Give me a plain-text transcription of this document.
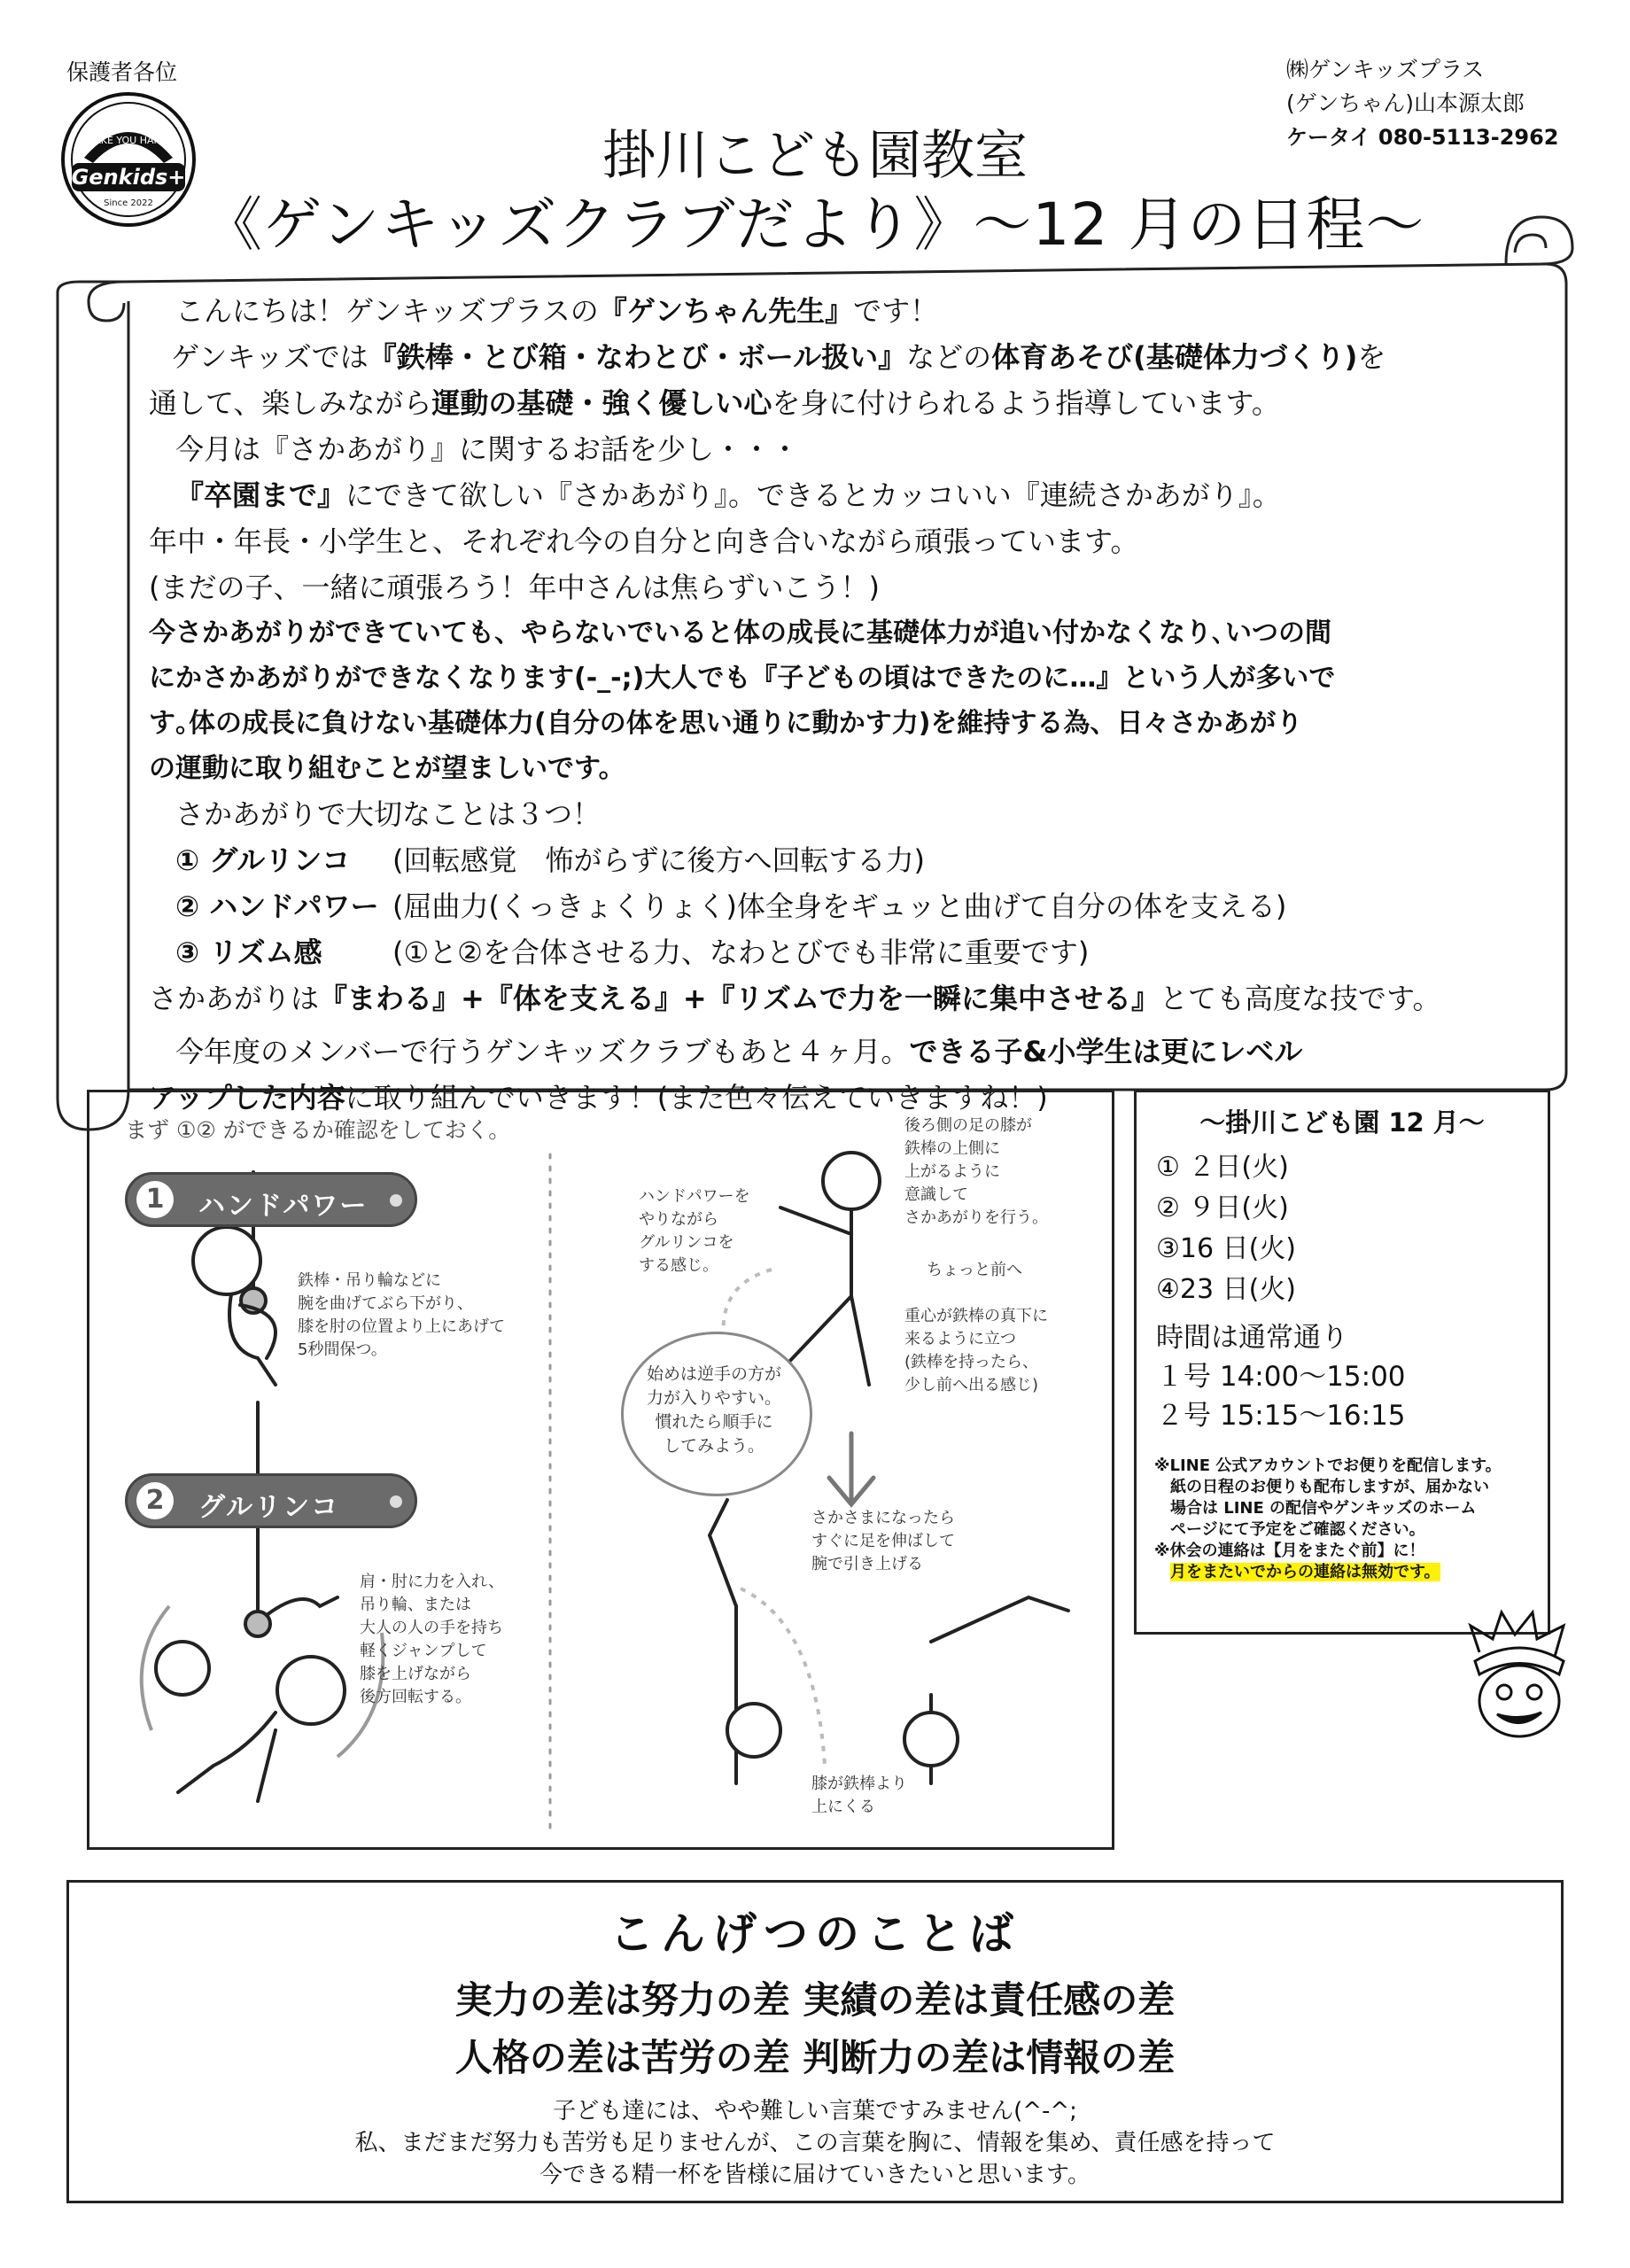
保護者各位
MAKE YOU HAPPY
Genkids+
Since 2022
㈱ゲンキッズプラス
(ゲンちゃん)山本源太郎
ケータイ 080-5113-2962
掛川こども園教室
《ゲンキッズクラブだより》～12 月の日程～

こんにちは！ゲンキッズプラスの『ゲンちゃん先生』です！

ゲンキッズでは『鉄棒・とび箱・なわとび・ボール扱い』などの体育あそび(基礎体力づくり)を

通して、楽しみながら運動の基礎・強く優しい心を身に付けられるよう指導しています。

今月は『さかあがり』に関するお話を少し・・・

『卒園まで』にできて欲しい『さかあがり』。できるとカッコいい『連続さかあがり』。

年中・年長・小学生と、それぞれ今の自分と向き合いながら頑張っています。

(まだの子、一緒に頑張ろう！年中さんは焦らずいこう！)

今さかあがりができていても、やらないでいると体の成長に基礎体力が追い付かなくなり､いつの間

にかさかあがりができなくなります(-_-;)大人でも『子どもの頃はできたのに…』という人が多いで

す｡体の成長に負けない基礎体力(自分の体を思い通りに動かす力)を維持する為、日々さかあがり

の運動に取り組むことが望ましいです。

さかあがりで大切なことは３つ！

① グルリンコ (回転感覚　怖がらずに後方へ回転する力)

② ハンドパワー (屈曲力(くっきょくりょく)体全身をギュッと曲げて自分の体を支える)

③ リズム感 (①と②を合体させる力、なわとびでも非常に重要です)

さかあがりは『まわる』+『体を支える』+『リズムで力を一瞬に集中させる』とても高度な技です。

今年度のメンバーで行うゲンキッズクラブもあと４ヶ月。できる子&小学生は更にレベル

アップした内容に取り組んでいきます！(また色々伝えていきますね！)

まず ①② ができるか確認をしておく。
1	ハンドパワー
鉄棒・吊り輪などに
腕を曲げてぶら下がり、
膝を肘の位置より上にあげて
5秒間保つ。
2	グルリンコ
肩・肘に力を入れ、
吊り輪、または
大人の人の手を持ち
軽くジャンプして
膝を上げながら
後方回転する。
ハンドパワーを
やりながら
グルリンコを
する感じ。
始めは逆手の方が
力が入りやすい。
慣れたら順手に
してみよう。
後ろ側の足の膝が
鉄棒の上側に
上がるように
意識して
さかあがりを行う。
ちょっと前へ
重心が鉄棒の真下に
来るように立つ
(鉄棒を持ったら、
少し前へ出る感じ)
さかさまになったら
すぐに足を伸ばして
腕で引き上げる
膝が鉄棒より
上にくる
～掛川こども園 12 月～
① ２日(火)
② ９日(火)
③16 日(火)
④23 日(火)
時間は通常通り
１号 14:00～15:00
２号 15:15～16:15
※LINE 公式アカウントでお便りを配信します。
紙の日程のお便りも配布しますが、届かない
場合は LINE の配信やゲンキッズのホーム
ページにて予定をご確認ください。
※休会の連絡は【月をまたぐ前】に！
月をまたいでからの連絡は無効です。
こんげつのことば
実力の差は努力の差 実績の差は責任感の差
人格の差は苦労の差 判断力の差は情報の差
子ども達には、やや難しい言葉ですみません(^-^;
私、まだまだ努力も苦労も足りませんが、この言葉を胸に、情報を集め、責任感を持って
今できる精一杯を皆様に届けていきたいと思います。
